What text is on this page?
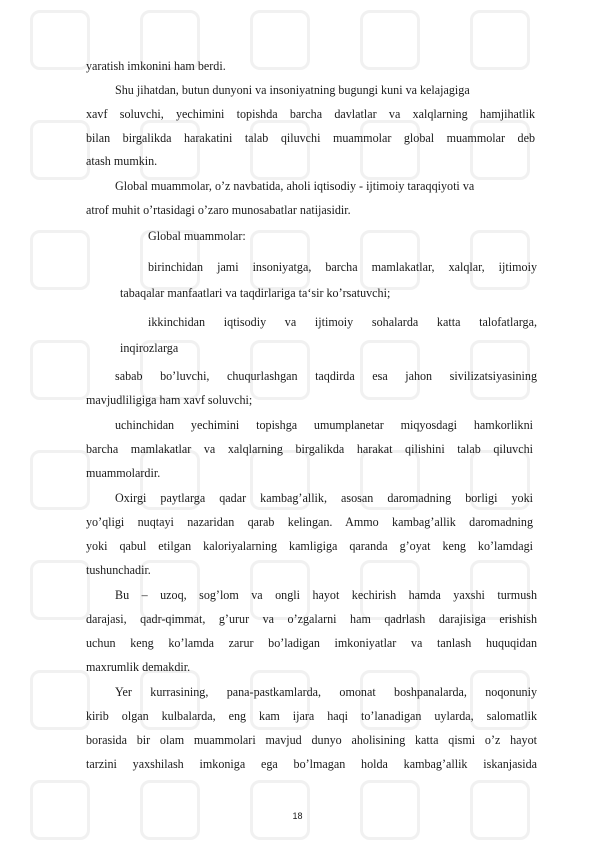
yaratish imkonini ham berdi.
Shu jihatdan, butun dunyoni va insoniyatning bugungi kuni va kelajagiga
xavf soluvchi, yechimini topishda barcha davlatlar va xalqlarning hamjihatlik
bilan birgalikda harakatini talab qiluvchi muammolar global muammolar deb
atash mumkin.
Global muammolar, o’z navbatida, aholi iqtisodiy - ijtimoiy taraqqiyoti va
atrof muhit o’rtasidagi o’zaro munosabatlar natijasidir.
Global muammolar:
birinchidan jami insoniyatga, barcha mamlakatlar, xalqlar, ijtimoiy
tabaqalar manfaatlari va taqdirlariga ta‘sir ko’rsatuvchi;
ikkinchidan iqtisodiy va ijtimoiy sohalarda katta talofatlarga,
inqirozlarga
sabab bo’luvchi, chuqurlashgan taqdirda esa jahon sivilizatsiyasining
mavjudliligiga ham xavf soluvchi;
uchinchidan yechimini topishga umumplanetar miqyosdagi hamkorlikni
barcha mamlakatlar va xalqlarning birgalikda harakat qilishini talab qiluvchi
muammolardir.
Oxirgi paytlarga qadar kambag’allik, asosan daromadning borligi yoki
yo’qligi nuqtayi nazaridan qarab kelingan. Ammo kambag’allik daromadning
yoki qabul etilgan kaloriyalarning kamligiga qaranda g’oyat keng ko’lamdagi
tushunchadir.
Bu – uzoq, sog’lom va ongli hayot kechirish hamda yaxshi turmush
darajasi, qadr-qimmat, g’urur va o’zgalarni ham qadrlash darajisiga erishish
uchun keng ko’lamda zarur bo’ladigan imkoniyatlar va tanlash huquqidan
maxrumlik demakdir.
Yer kurrasining, pana-pastkamlarda, omonat boshpanalarda, noqonuniy
kirib olgan kulbalarda, eng kam ijara haqi to’lanadigan uylarda, salomatlik
borasida bir olam muammolari mavjud dunyo aholisining katta qismi o’z hayot
tarzini yaxshilash imkoniga ega bo’lmagan holda kambag’allik iskanjasida
18
